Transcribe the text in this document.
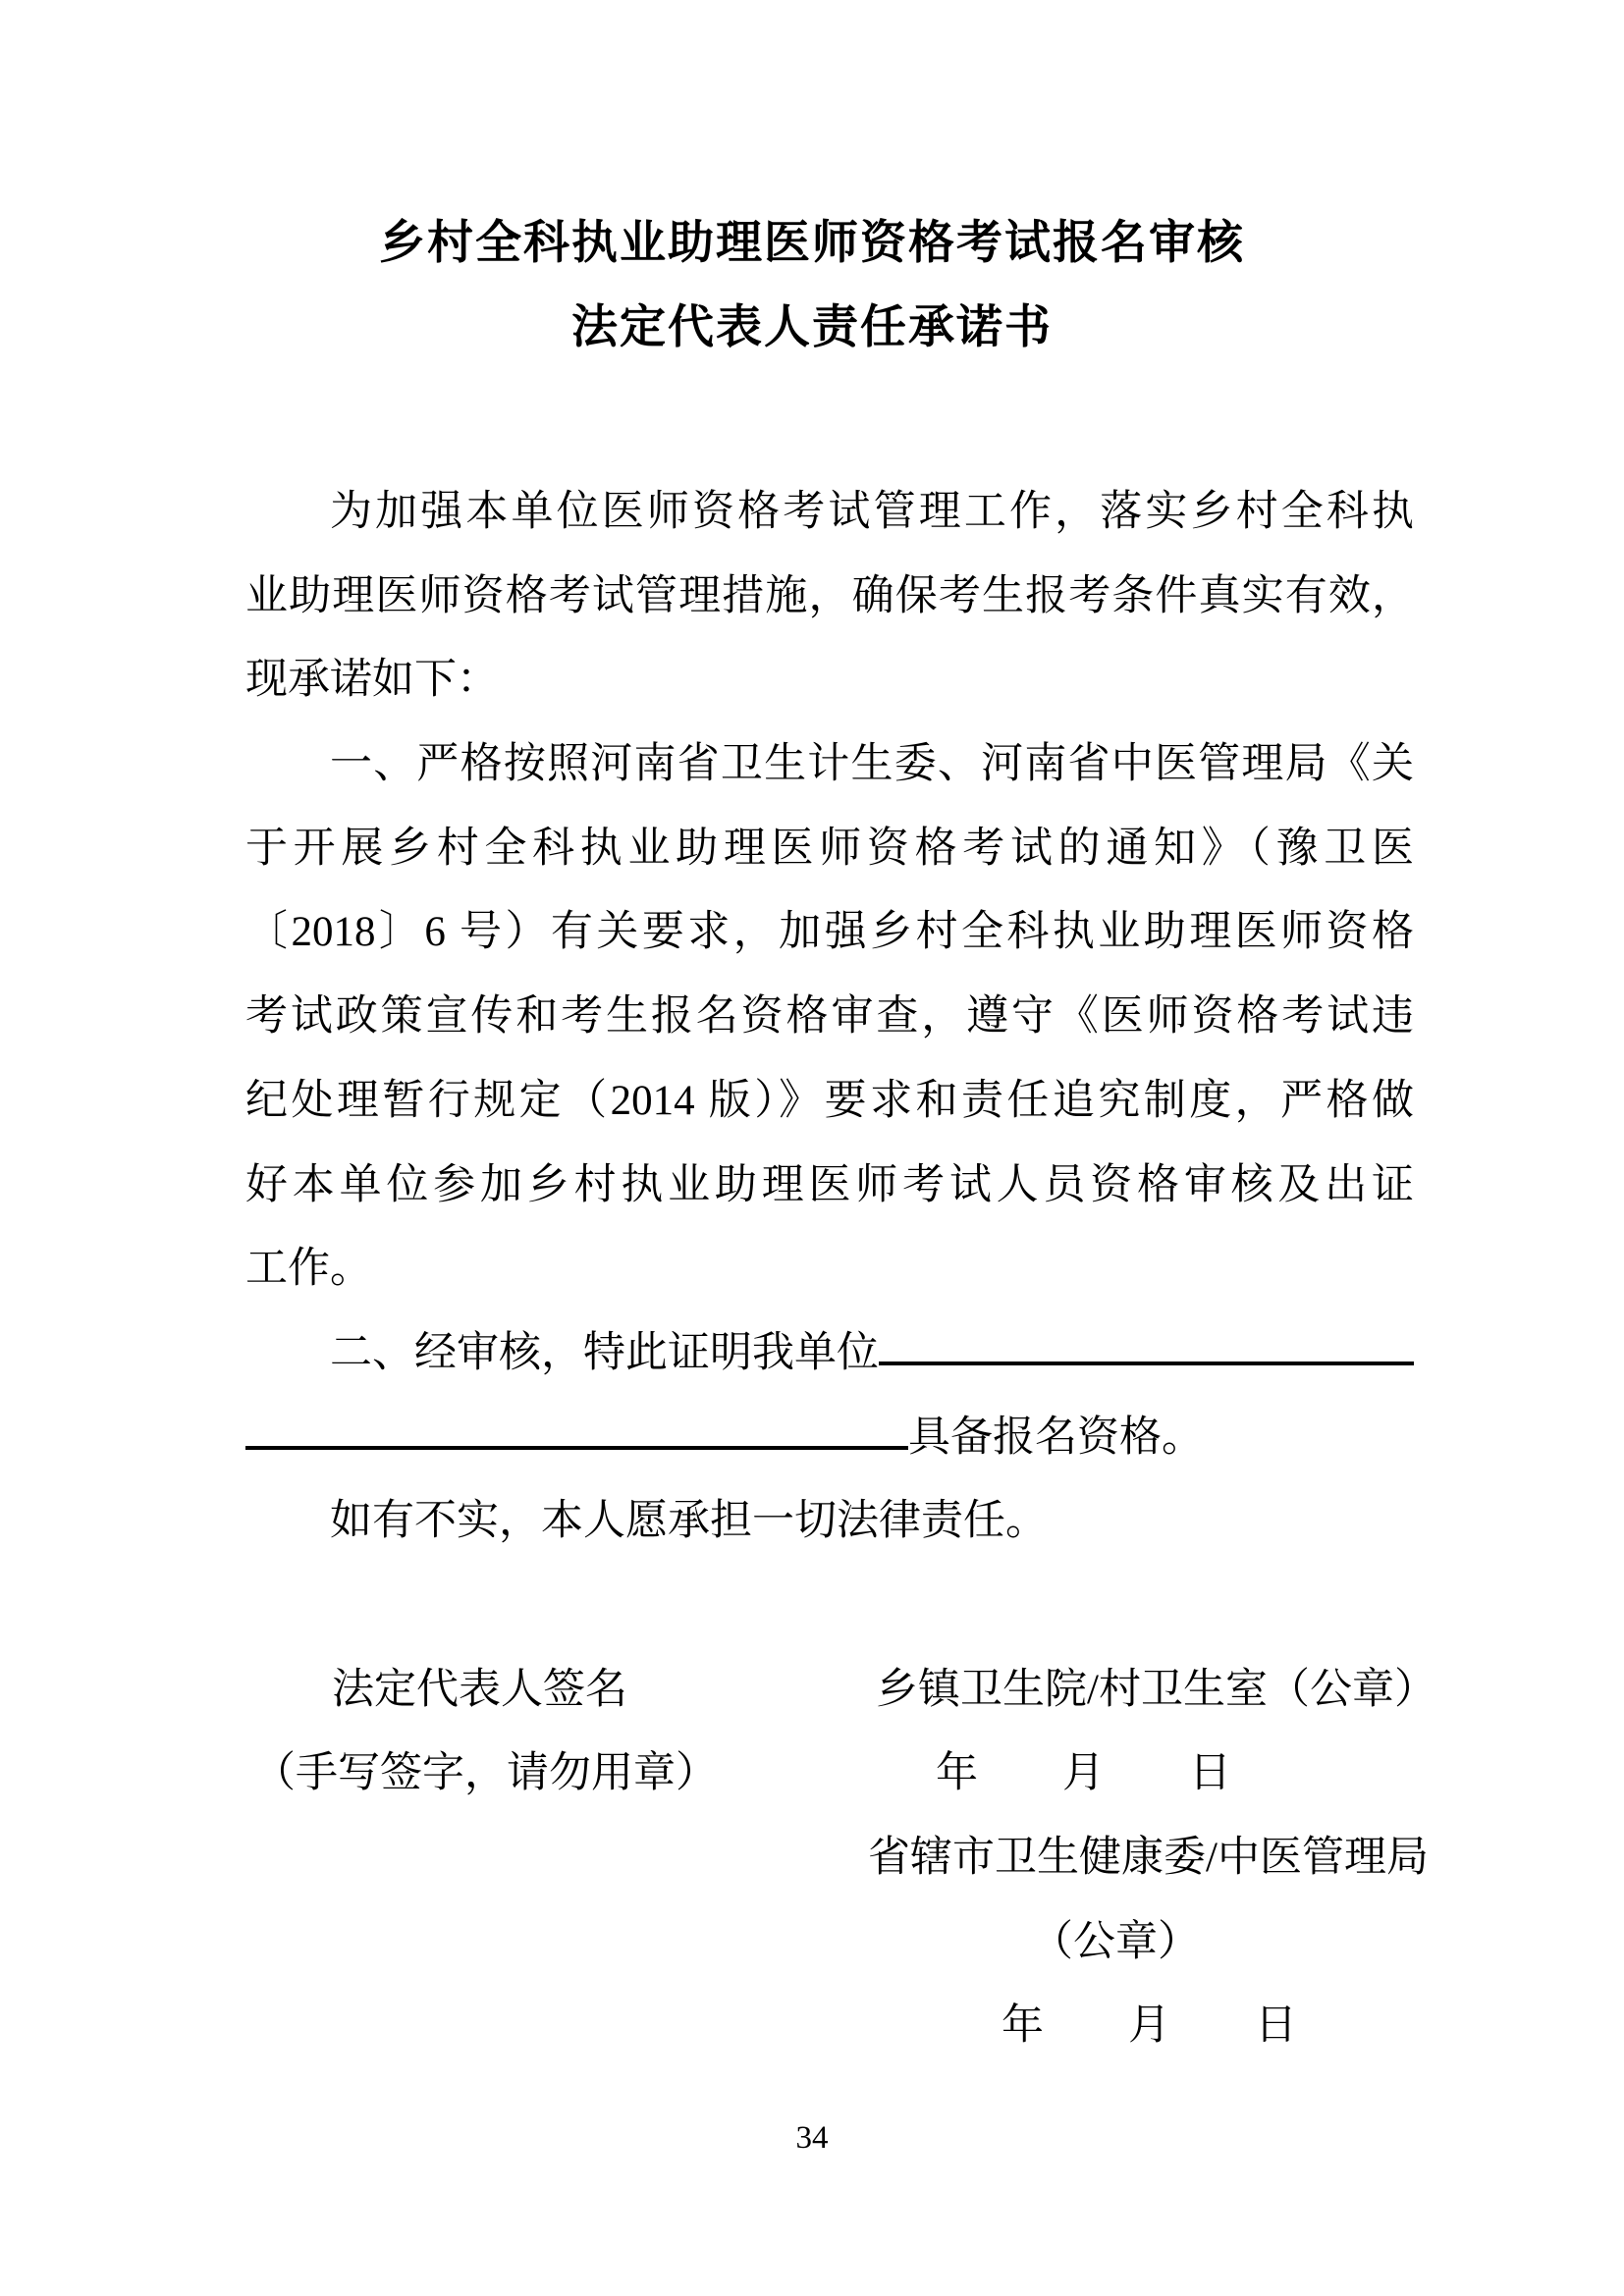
乡村全科执业助理医师资格考试报名审核
法定代表人责任承诺书
为加强本单位医师资格考试管理工作，落实乡村全科执
业助理医师资格考试管理措施，确保考生报考条件真实有效，
现承诺如下：
一、严格按照河南省卫生计生委、河南省中医管理局《关
于开展乡村全科执业助理医师资格考试的通知》（豫卫医
〔2018〕6 号）有关要求，加强乡村全科执业助理医师资格
考试政策宣传和考生报名资格审查，遵守《医师资格考试违
纪处理暂行规定（2014 版）》要求和责任追究制度，严格做
好本单位参加乡村执业助理医师考试人员资格审核及出证
工作。
二、经审核，特此证明我单位
具备报名资格。
如有不实，本人愿承担一切法律责任。
法定代表人签名	乡镇卫生院/村卫生室（公章）
（手写签字，请勿用章）	年　　月　　日
省辖市卫生健康委/中医管理局
（公章）
年　　月　　日
34
